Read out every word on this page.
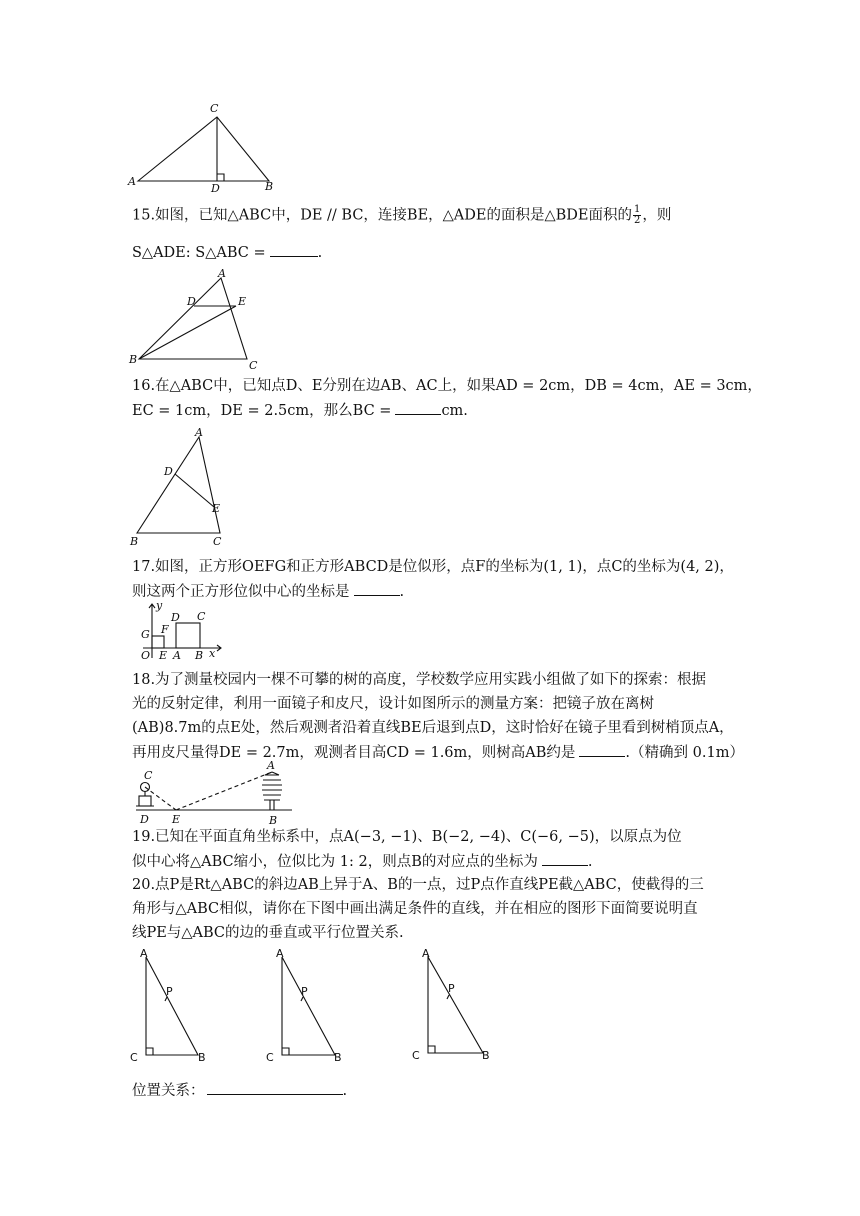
C
A
D	B
15.如图，已知△ABC中，DE // BC，连接BE，△ADE的面积是△BDE面积的 $\frac{1}{2}$ ，则
S△ADE: S△ABC =	.
A
D	E
B	C
16.在△ABC中，已知点D、E分别在边AB、AC上，如果AD = 2cm，DB = 4cm，AE = 3cm，
EC = 1cm，DE = 2.5cm，那么BC =	cm.
A
D
E
B	C
17.如图，正方形OEFG和正方形ABCD是位似形，点F的坐标为(1, 1)，点C的坐标为(4, 2)，
则这两个正方形位似中心的坐标是	.
y
x
G F
D C
O E A B
18.为了测量校园内一棵不可攀的树的高度，学校数学应用实践小组做了如下的探索：根据
光的反射定律，利用一面镜子和皮尺，设计如图所示的测量方案：把镜子放在离树
(AB)8.7m的点E处，然后观测者沿着直线BE后退到点D，这时恰好在镜子里看到树梢顶点A，
再用皮尺量得DE = 2.7m，观测者目高CD = 1.6m，则树高AB约是	.（精确到 0.1m）
C
A
D E	B
19.已知在平面直角坐标系中，点A(−3, −1)、B(−2, −4)、C(−6, −5)，以原点为位
似中心将△ABC缩小，位似比为 1: 2，则点B的对应点的坐标为	.
20.点P是Rt△ABC的斜边AB上异于A、B的一点，过P点作直线PE截△ABC，使截得的三
角形与△ABC相似，请你在下图中画出满足条件的直线，并在相应的图形下面简要说明直
线PE与△ABC的边的垂直或平行位置关系.
A
P
C	B
A
P
C	B
A
P
C	B
位置关系：	.
